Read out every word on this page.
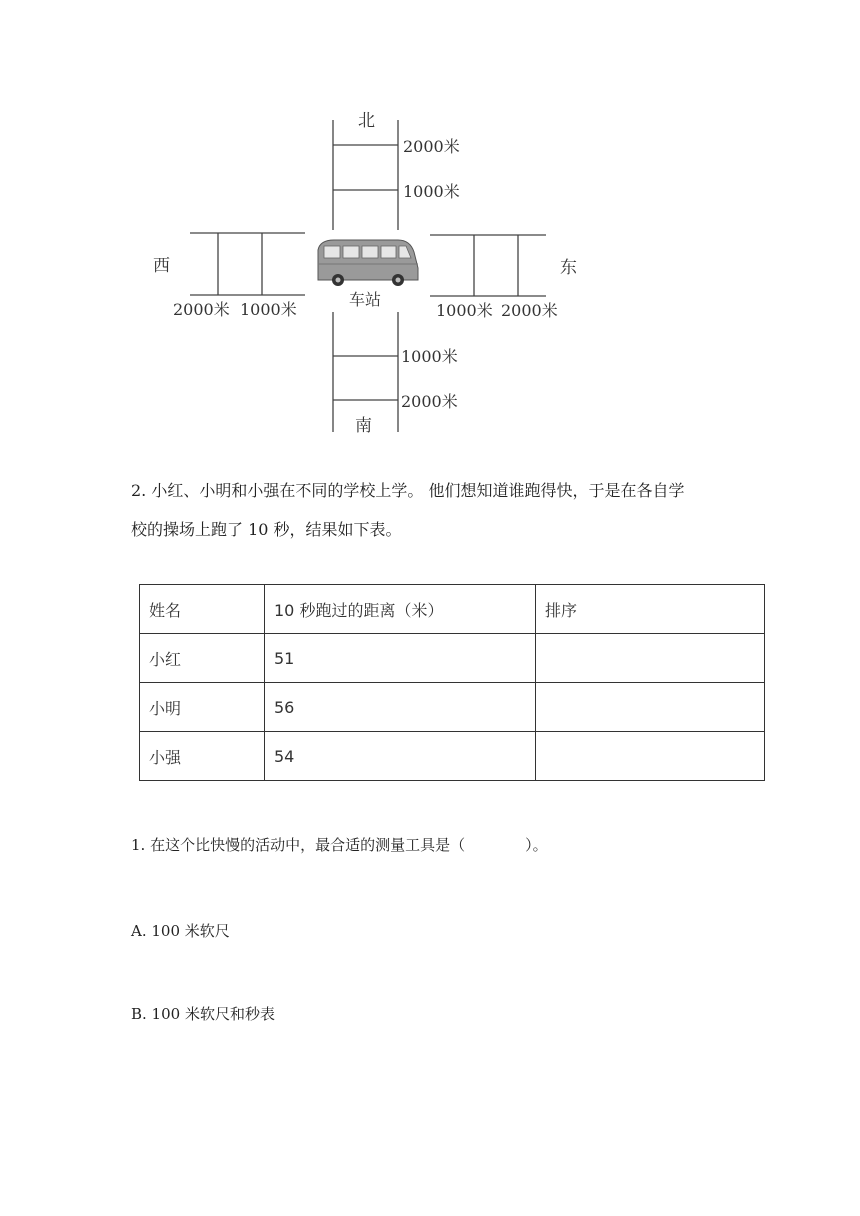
北
南
西	东
车站
2000米
1000米
1000米
2000米
2000米 1000米	1000米 2000米
2. 小红、小明和小强在不同的学校上学。 他们想知道谁跑得快，于是在各自学
校的操场上跑了 10 秒，结果如下表。
姓名	10 秒跑过的距离（米）	排序
小红	51	
小明	56	
小强	54	
1. 在这个比快慢的活动中，最合适的测量工具是（　　　　）。
A. 100 米软尺
B. 100 米软尺和秒表
